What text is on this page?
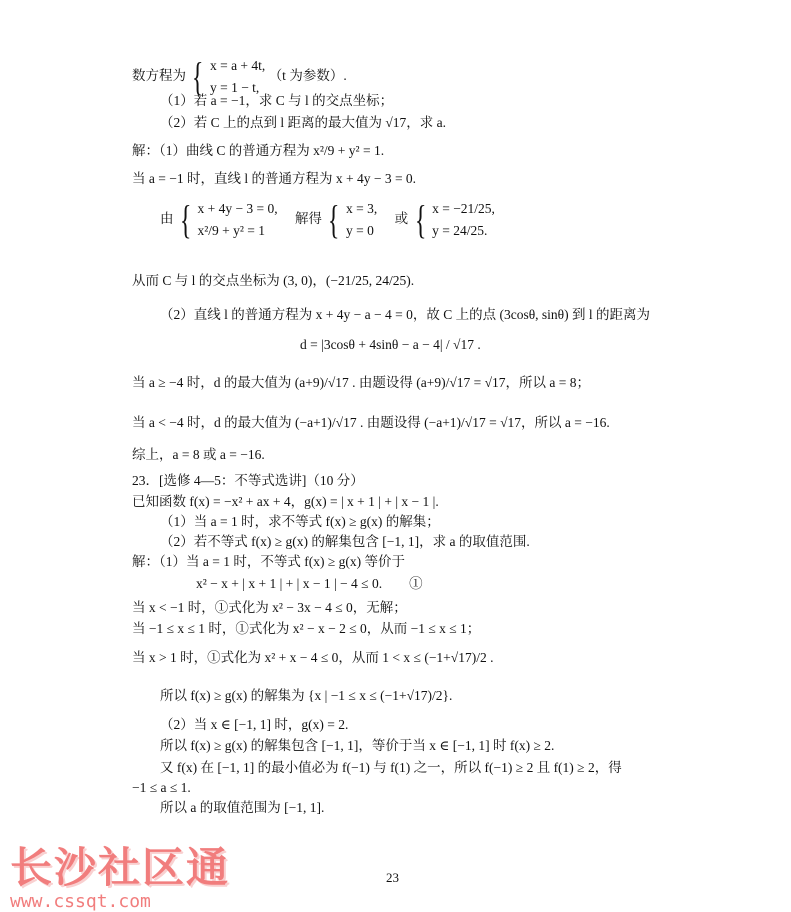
数方程为 { x = a + 4t,
y = 1 − t,
（t 为参数）.
（1）若 a = −1，求 C 与 l 的交点坐标；
（2）若 C 上的点到 l 距离的最大值为 √17，求 a.
解：（1）曲线 C 的普通方程为 x²/9 + y² = 1.
当 a = −1 时，直线 l 的普通方程为 x + 4y − 3 = 0.
由 { x + 4y − 3 = 0,
x²/9 + y² = 1
解得 { x = 3,
y = 0
或 { x = −21/25,
y = 24/25.
从而 C 与 l 的交点坐标为 (3, 0)，(−21/25, 24/25).
（2）直线 l 的普通方程为 x + 4y − a − 4 = 0，故 C 上的点 (3cosθ, sinθ) 到 l 的距离为
d = |3cosθ + 4sinθ − a − 4| / √17 .
当 a ≥ −4 时，d 的最大值为 (a+9)/√17 . 由题设得 (a+9)/√17 = √17，所以 a = 8；
当 a < −4 时，d 的最大值为 (−a+1)/√17 . 由题设得 (−a+1)/√17 = √17，所以 a = −16.
综上，a = 8 或 a = −16.
23．[选修 4—5：不等式选讲]（10 分）
已知函数 f(x) = −x² + ax + 4，g(x) = | x + 1 | + | x − 1 |.
（1）当 a = 1 时，求不等式 f(x) ≥ g(x) 的解集；
（2）若不等式 f(x) ≥ g(x) 的解集包含 [−1, 1]，求 a 的取值范围.
解：（1）当 a = 1 时，不等式 f(x) ≥ g(x) 等价于
x² − x + | x + 1 | + | x − 1 | − 4 ≤ 0.　　①
当 x < −1 时，①式化为 x² − 3x − 4 ≤ 0，无解；
当 −1 ≤ x ≤ 1 时，①式化为 x² − x − 2 ≤ 0，从而 −1 ≤ x ≤ 1；
当 x > 1 时，①式化为 x² + x − 4 ≤ 0，从而 1 < x ≤ (−1+√17)/2 .
所以 f(x) ≥ g(x) 的解集为 {x | −1 ≤ x ≤ (−1+√17)/2}.
（2）当 x ∈ [−1, 1] 时，g(x) = 2.
所以 f(x) ≥ g(x) 的解集包含 [−1, 1]，等价于当 x ∈ [−1, 1] 时 f(x) ≥ 2.
又 f(x) 在 [−1, 1] 的最小值必为 f(−1) 与 f(1) 之一，所以 f(−1) ≥ 2 且 f(1) ≥ 2，得
−1 ≤ a ≤ 1.
所以 a 的取值范围为 [−1, 1].
长沙社区通
www.cssqt.com
23
